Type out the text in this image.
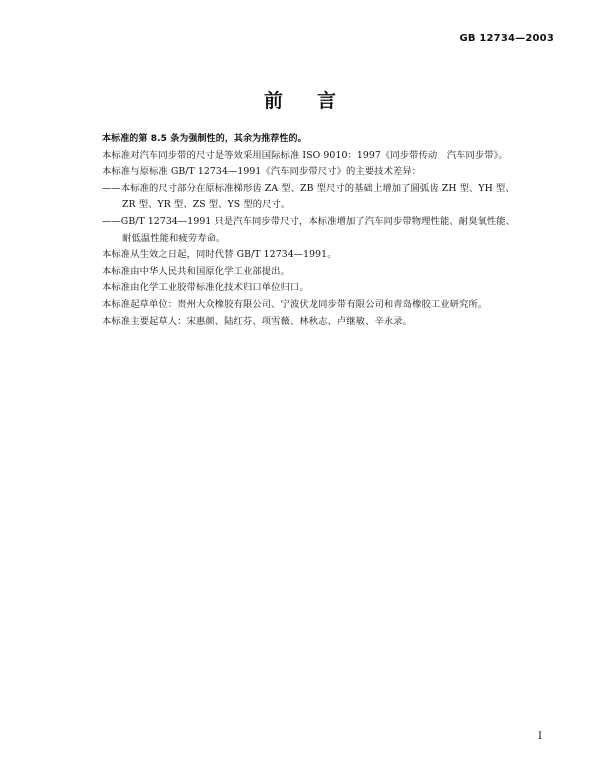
GB 12734—2003
前 言
本标准的第 8.5 条为强制性的，其余为推荐性的。
本标准对汽车同步带的尺寸是等效采用国际标准 ISO 9010：1997《同步带传动　汽车同步带》。
本标准与原标准 GB/T 12734—1991《汽车同步带尺寸》的主要技术差异：
——本标准的尺寸部分在原标准梯形齿 ZA 型、ZB 型尺寸的基础上增加了圆弧齿 ZH 型、YH 型、
ZR 型、YR 型、ZS 型、YS 型的尺寸。
——GB/T 12734—1991 只是汽车同步带尺寸，本标准增加了汽车同步带物理性能、耐臭氧性能、
耐低温性能和疲劳寿命。
本标准从生效之日起，同时代替 GB/T 12734—1991。
本标准由中华人民共和国原化学工业部提出。
本标准由化学工业胶带标准化技术归口单位归口。
本标准起草单位：贵州大众橡胶有限公司、宁波伏龙同步带有限公司和青岛橡胶工业研究所。
本标准主要起草人：宋惠颜、陆红芬、项雪薇、林秋志、卢继敏、辛永录。
I
